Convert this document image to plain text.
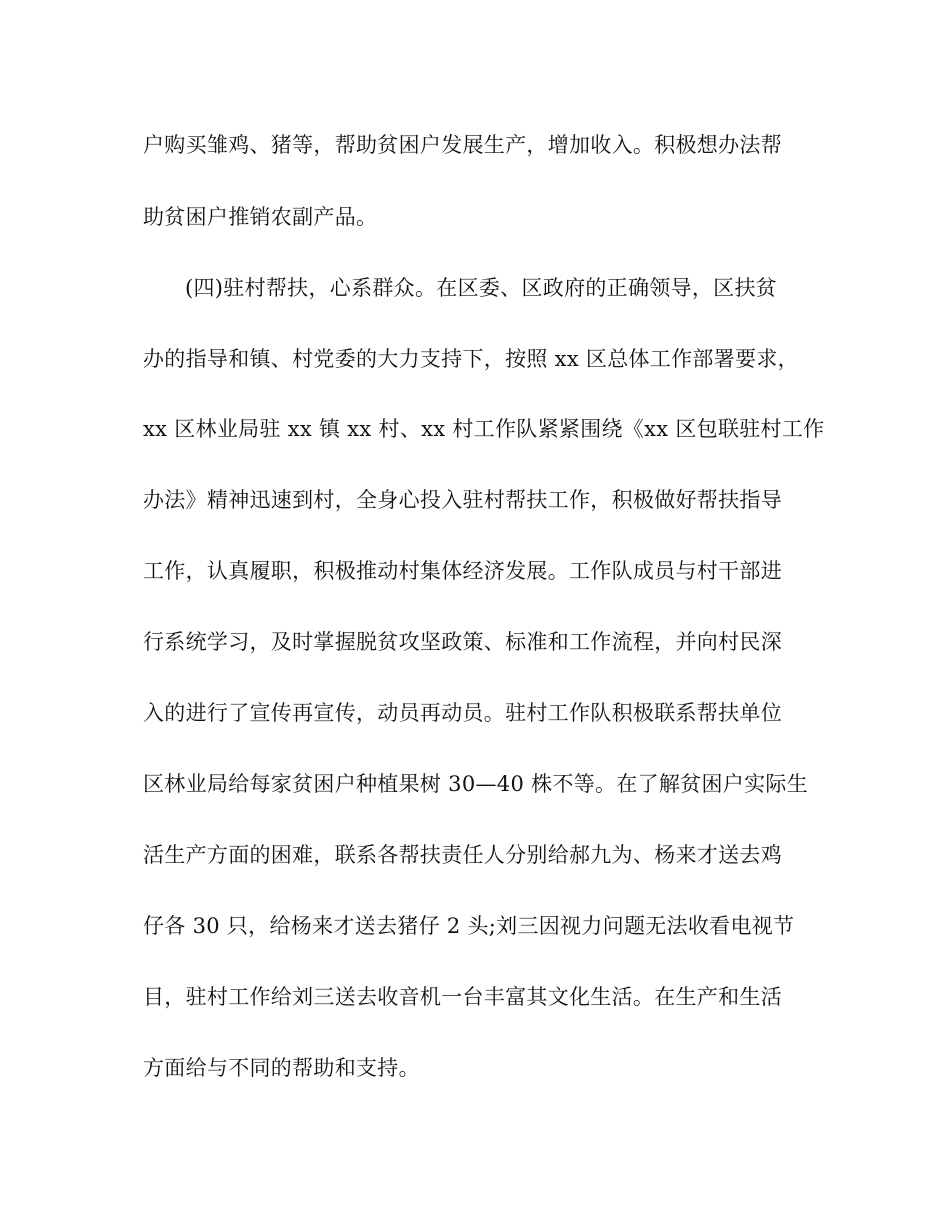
户购买雏鸡、猪等，帮助贫困户发展生产，增加收入。积极想办法帮
助贫困户推销农副产品。
(四)驻村帮扶，心系群众。在区委、区政府的正确领导，区扶贫
办的指导和镇、村党委的大力支持下，按照 xx 区总体工作部署要求，
xx 区林业局驻 xx 镇 xx 村、xx 村工作队紧紧围绕《xx 区包联驻村工作
办法》精神迅速到村，全身心投入驻村帮扶工作，积极做好帮扶指导
工作，认真履职，积极推动村集体经济发展。工作队成员与村干部进
行系统学习，及时掌握脱贫攻坚政策、标准和工作流程，并向村民深
入的进行了宣传再宣传，动员再动员。驻村工作队积极联系帮扶单位
区林业局给每家贫困户种植果树 30—40 株不等。在了解贫困户实际生
活生产方面的困难，联系各帮扶责任人分别给郝九为、杨来才送去鸡
仔各 30 只，给杨来才送去猪仔 2 头;刘三因视力问题无法收看电视节
目，驻村工作给刘三送去收音机一台丰富其文化生活。在生产和生活
方面给与不同的帮助和支持。
